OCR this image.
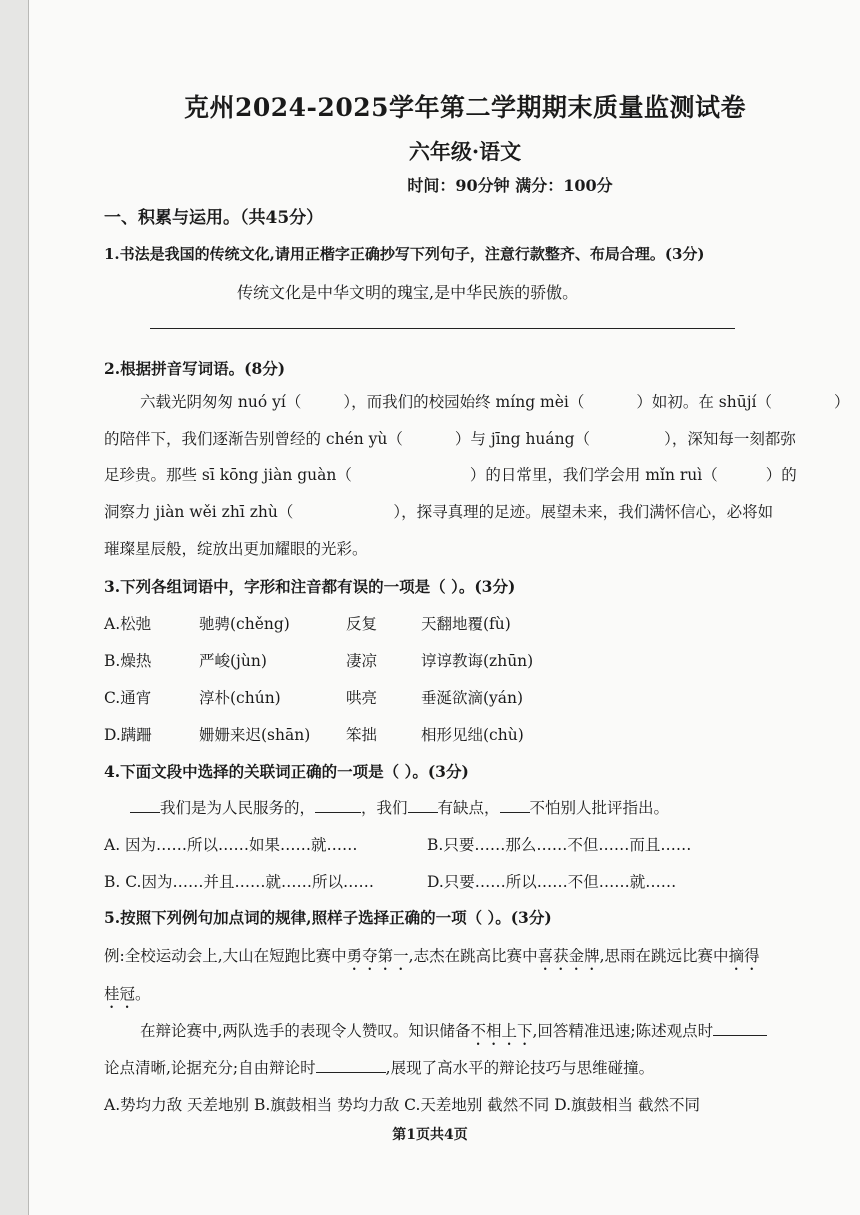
克州2024-2025学年第二学期期末质量监测试卷
六年级·语文
时间：90分钟 满分：100分
一、积累与运用。（共45分）
1.书法是我国的传统文化,请用正楷字正确抄写下列句子，注意行款整齐、布局合理。(3分)
传统文化是中华文明的瑰宝,是中华民族的骄傲。
2.根据拼音写词语。(8分)
六载光阴匆匆 nuó yí（	），而我们的校园始终 míng mèi（	）如初。在 shūjí（	）
的陪伴下，我们逐渐告别曾经的 chén yù（	）与 jīng huáng（	），深知每一刻都弥
足珍贵。那些 sī kōng jiàn guàn（	）的日常里，我们学会用 mǐn ruì（	）的
洞察力 jiàn wěi zhī zhù（	），探寻真理的足迹。展望未来，我们满怀信心，必将如
璀璨星辰般，绽放出更加耀眼的光彩。
3.下列各组词语中，字形和注音都有误的一项是（ ）。(3分)
A.松弛	驰骋(chěng)	反复	天翻地覆(fù)
B.燥热	严峻(jùn)	凄凉	谆谆教诲(zhūn)
C.通宵	淳朴(chún)	哄亮	垂涎欲滴(yán)
D.蹒跚	姗姗来迟(shān) 笨拙	相形见绌(chù)
4.下面文段中选择的关联词正确的一项是（ ）。(3分)
我们是为人民服务的，	，我们 有缺点， 不怕别人批评指出。
A. 因为……所以……如果……就……	B.只要……那么……不但……而且……
B. C.因为……并且……就……所以……	D.只要……所以……不但……就……
5.按照下列例句加点词的规律,照样子选择正确的一项（ ）。(3分)
例:全校运动会上,大山在短跑比赛中勇夺第一,志杰在跳高比赛中喜获金牌,思雨在跳远比赛中摘得
桂冠。
在辩论赛中,两队选手的表现令人赞叹。知识储备不相上下,回答精准迅速;陈述观点时
论点清晰,论据充分;自由辩论时	,展现了高水平的辩论技巧与思维碰撞。
A.势均力敌 天差地别 B.旗鼓相当 势均力敌 C.天差地别 截然不同 D.旗鼓相当 截然不同
第1页共4页
